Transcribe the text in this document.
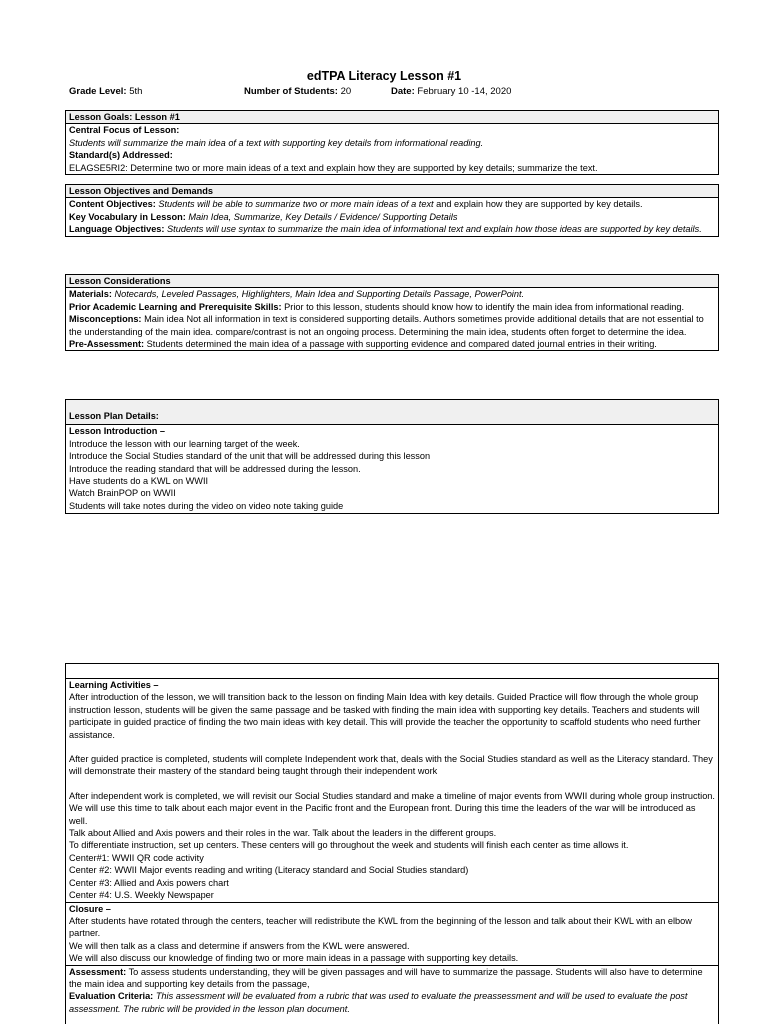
edTPA Literacy Lesson #1
Grade Level: 5th	Number of Students: 20	Date: February 10 -14, 2020
Lesson Goals: Lesson #1

Central Focus of Lesson:

Students will summarize the main idea of a text with supporting key details from informational reading.

Standard(s) Addressed:

ELAGSE5RI2: Determine two or more main ideas of a text and explain how they are supported by key details; summarize the text.

Lesson Objectives and Demands

Content Objectives: Students will be able to summarize two or more main ideas of a text and explain how they are supported by key details.

Key Vocabulary in Lesson: Main Idea, Summarize, Key Details / Evidence/ Supporting Details

Language Objectives: Students will use syntax to summarize the main idea of informational text and explain how those ideas are supported by key details.

Lesson Considerations

Materials: Notecards, Leveled Passages, Highlighters, Main Idea and Supporting Details Passage, PowerPoint.

Prior Academic Learning and Prerequisite Skills: Prior to this lesson, students should know how to identify the main idea from informational reading.

Misconceptions: Main idea Not all information in text is considered supporting details. Authors sometimes provide additional details that are not essential to the understanding of the main idea. compare/contrast is not an ongoing process. Determining the main idea, students often forget to determine the idea.

Pre-Assessment: Students determined the main idea of a passage with supporting evidence and compared dated journal entries in their writing.

Lesson Plan Details:

Lesson Introduction –

Introduce the lesson with our learning target of the week.

Introduce the Social Studies standard of the unit that will be addressed during this lesson

Introduce the reading standard that will be addressed during the lesson.

Have students do a KWL on WWII

Watch BrainPOP on WWII

Students will take notes during the video on video note taking guide

Learning Activities –

After introduction of the lesson, we will transition back to the lesson on finding Main Idea with key details. Guided Practice will flow through the whole group instruction lesson, students will be given the same passage and be tasked with finding the main idea with supporting key details. Teachers and students will participate in guided practice of finding the two main ideas with key detail. This will provide the teacher the opportunity to scaffold students who need further assistance.

After guided practice is completed, students will complete Independent work that, deals with the Social Studies standard as well as the Literacy standard. They will demonstrate their mastery of the standard being taught through their independent work

After independent work is completed, we will revisit our Social Studies standard and make a timeline of major events from WWII during whole group instruction. We will use this time to talk about each major event in the Pacific front and the European front. During this time the leaders of the war will be introduced as well.

Talk about Allied and Axis powers and their roles in the war. Talk about the leaders in the different groups.

To differentiate instruction, set up centers. These centers will go throughout the week and students will finish each center as time allows it.

Center#1: WWII QR code activity

Center #2: WWII Major events reading and writing (Literacy standard and Social Studies standard)

Center #3: Allied and Axis powers chart

Center #4: U.S. Weekly Newspaper

Closure –

After students have rotated through the centers, teacher will redistribute the KWL from the beginning of the lesson and talk about their KWL with an elbow partner.

We will then talk as a class and determine if answers from the KWL were answered.

We will also discuss our knowledge of finding two or more main ideas in a passage with supporting key details.

Assessment: To assess students understanding, they will be given passages and will have to summarize the passage. Students will also have to determine the main idea and supporting key details from the passage,

Evaluation Criteria: This assessment will be evaluated from a rubric that was used to evaluate the preassessment and will be used to evaluate the post assessment. The rubric will be provided in the lesson plan document.
